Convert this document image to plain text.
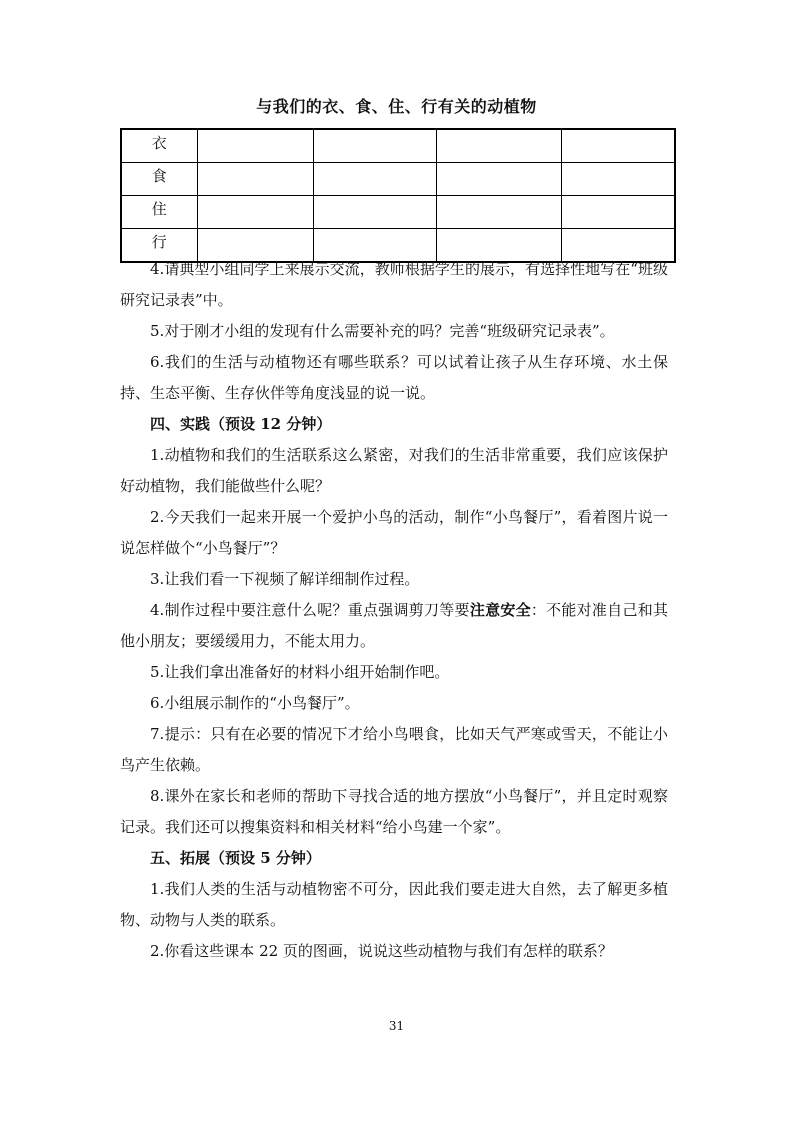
与我们的衣、食、住、行有关的动植物
衣				
食				
住				
行				

4.请典型小组同学上来展示交流，教师根据学生的展示，有选择性地写在“班级研究记录表”中。

5.对于刚才小组的发现有什么需要补充的吗？完善“班级研究记录表”。

6.我们的生活与动植物还有哪些联系？可以试着让孩子从生存环境、水土保持、生态平衡、生存伙伴等角度浅显的说一说。

四、实践（预设 12 分钟）

1.动植物和我们的生活联系这么紧密，对我们的生活非常重要，我们应该保护好动植物，我们能做些什么呢？

2.今天我们一起来开展一个爱护小鸟的活动，制作“小鸟餐厅”，看着图片说一说怎样做个“小鸟餐厅”？

3.让我们看一下视频了解详细制作过程。

4.制作过程中要注意什么呢？重点强调剪刀等要注意安全：不能对准自己和其他小朋友；要缓缓用力，不能太用力。

5.让我们拿出准备好的材料小组开始制作吧。

6.小组展示制作的“小鸟餐厅”。

7.提示：只有在必要的情况下才给小鸟喂食，比如天气严寒或雪天，不能让小鸟产生依赖。

8.课外在家长和老师的帮助下寻找合适的地方摆放“小鸟餐厅”，并且定时观察记录。我们还可以搜集资料和相关材料“给小鸟建一个家”。

五、拓展（预设 5 分钟）

1.我们人类的生活与动植物密不可分，因此我们要走进大自然，去了解更多植物、动物与人类的联系。

2.你看这些课本 22 页的图画，说说这些动植物与我们有怎样的联系？

31
